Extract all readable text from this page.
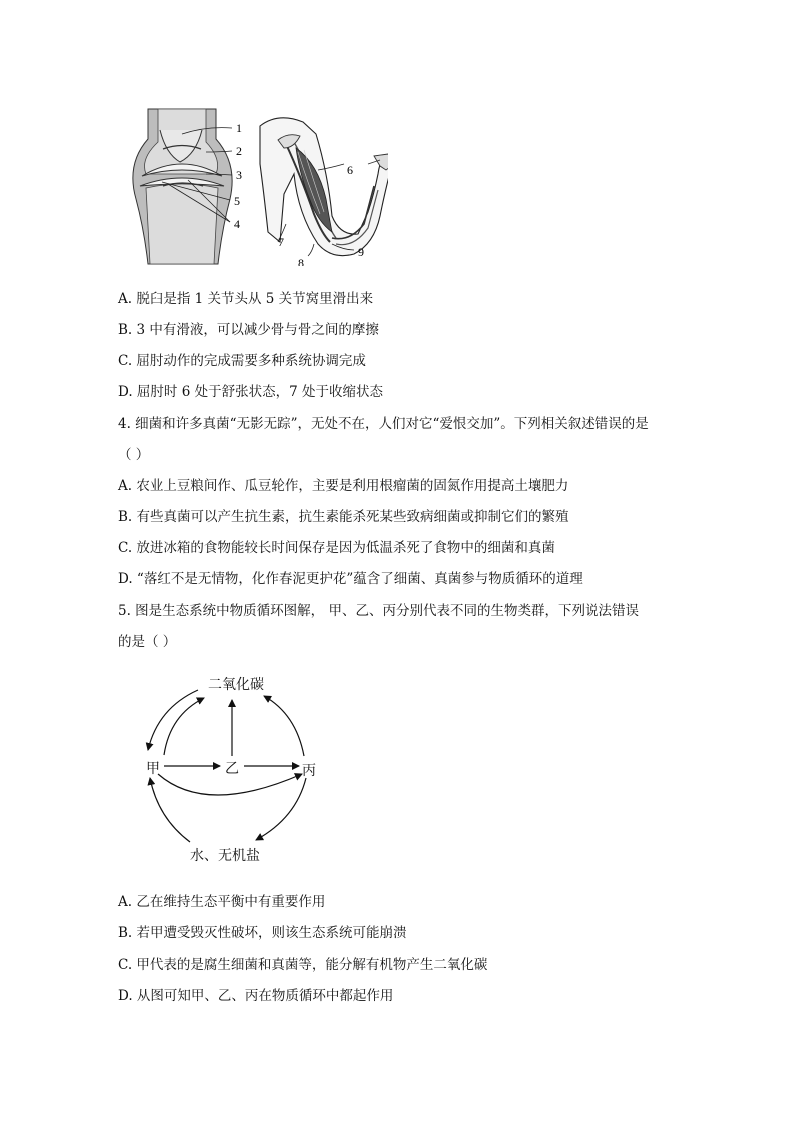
1
2
3
5
4
6
7
8
9
A. 脱臼是指 1 关节头从 5 关节窝里滑出来
B. 3 中有滑液，可以减少骨与骨之间的摩擦
C. 屈肘动作的完成需要多种系统协调完成
D. 屈肘时 6 处于舒张状态，7 处于收缩状态
4. 细菌和许多真菌“无影无踪”，无处不在，人们对它“爱恨交加”。下列相关叙述错误的是
（ ）
A. 农业上豆粮间作、瓜豆轮作，主要是利用根瘤菌的固氮作用提高土壤肥力
B. 有些真菌可以产生抗生素，抗生素能杀死某些致病细菌或抑制它们的繁殖
C. 放进冰箱的食物能较长时间保存是因为低温杀死了食物中的细菌和真菌
D. “落红不是无情物，化作春泥更护花”蕴含了细菌、真菌参与物质循环的道理
5. 图是生态系统中物质循环图解， 甲、乙、丙分别代表不同的生物类群，下列说法错误
的是（ ）
二氧化碳
甲	乙	丙
水、无机盐
A. 乙在维持生态平衡中有重要作用
B. 若甲遭受毁灭性破坏，则该生态系统可能崩溃
C. 甲代表的是腐生细菌和真菌等，能分解有机物产生二氧化碳
D. 从图可知甲、乙、丙在物质循环中都起作用
